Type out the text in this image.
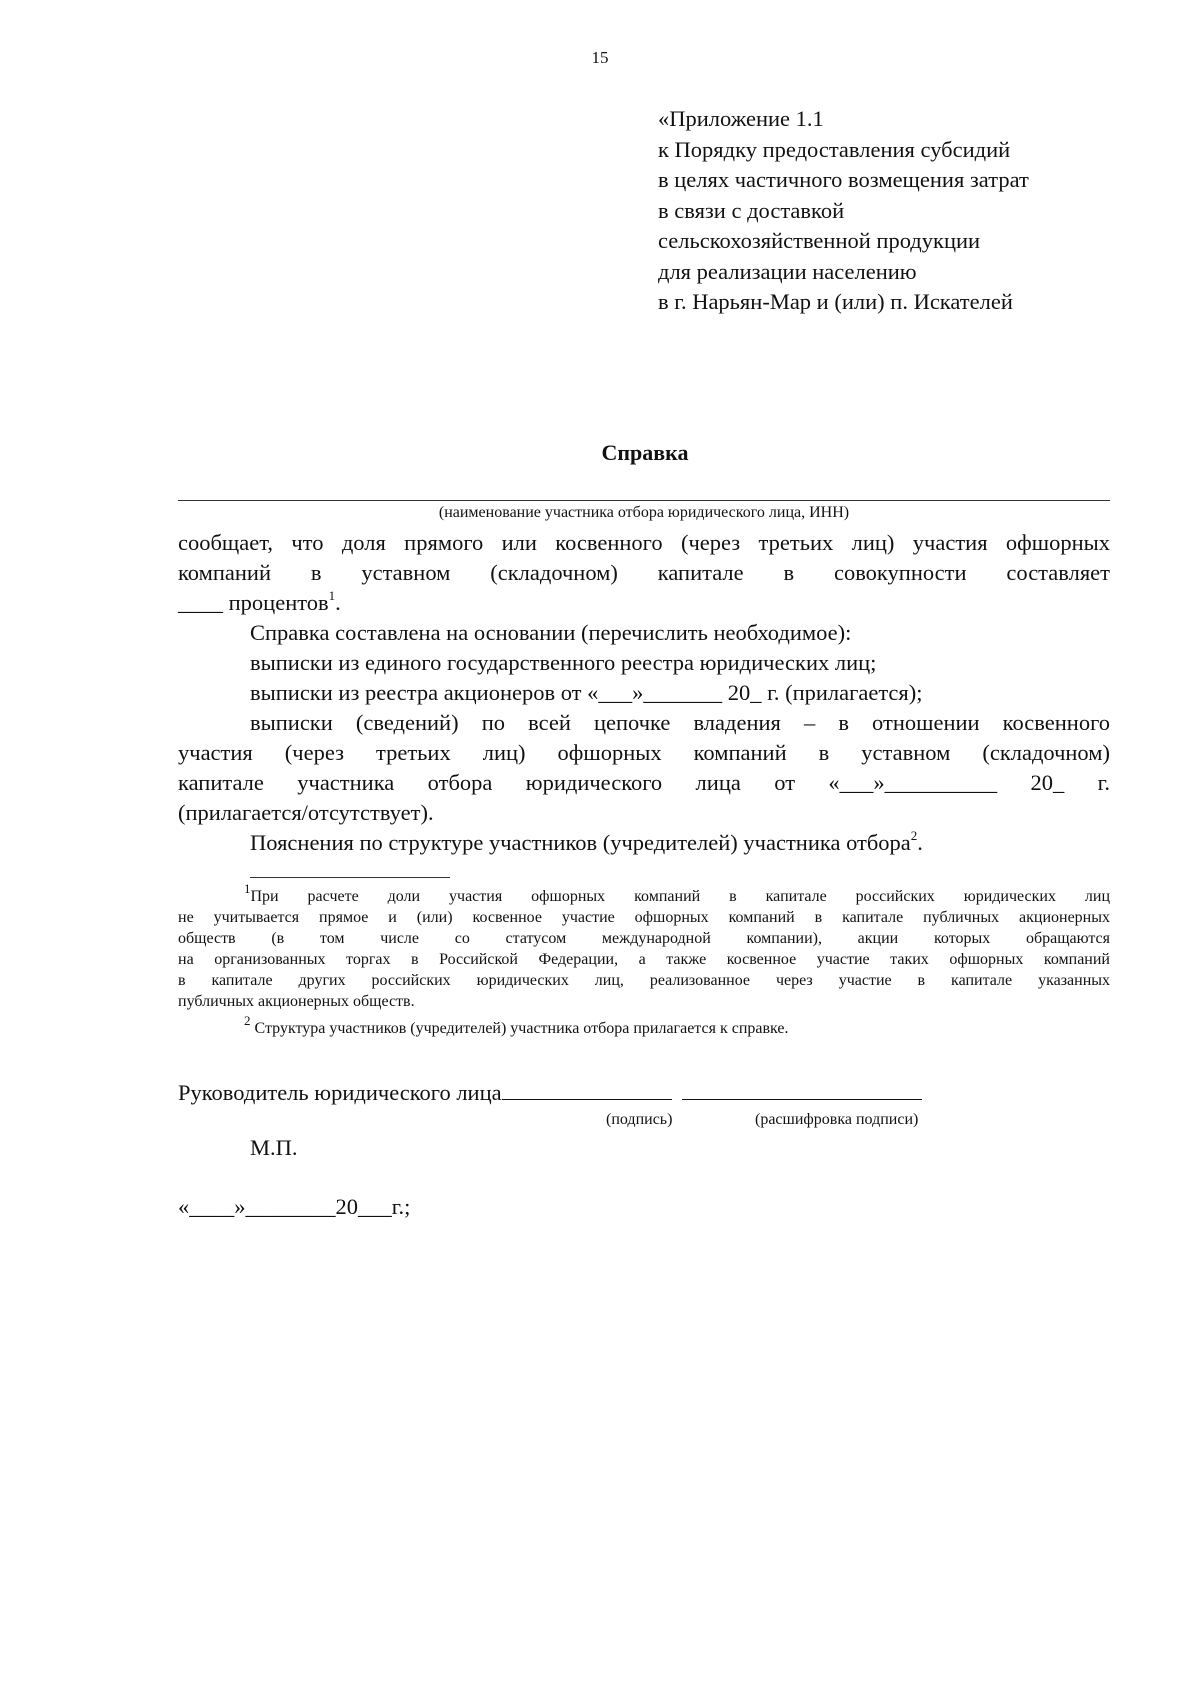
15
«Приложение 1.1
к Порядку предоставления субсидий
в целях частичного возмещения затрат
в связи с доставкой
сельскохозяйственной продукции
для реализации населению
в г. Нарьян-Мар и (или) п. Искателей
Справка
(наименование участника отбора юридического лица, ИНН)
сообщает, что доля прямого или косвенного (через третьих лиц) участия офшорных
компаний в уставном (складочном) капитале в совокупности составляет
____ процентов$^1$.
Справка составлена на основании (перечислить необходимое):
выписки из единого государственного реестра юридических лиц;
выписки из реестра акционеров от «___»_______ 20_ г. (прилагается);
выписки (сведений) по всей цепочке владения – в отношении косвенного
участия (через третьих лиц) офшорных компаний в уставном (складочном)
капитале участника отбора юридического лица от «___»__________ 20_ г.
(прилагается/отсутствует).
Пояснения по структуре участников (учредителей) участника отбора$^2$.
$^1$При расчете доли участия офшорных компаний в капитале российских юридических лиц
не учитывается прямое и (или) косвенное участие офшорных компаний в капитале публичных акционерных
обществ (в том числе со статусом международной компании), акции которых обращаются
на организованных торгах в Российской Федерации, а также косвенное участие таких офшорных компаний
в капитале других российских юридических лиц, реализованное через участие в капитале указанных
публичных акционерных обществ.
$^2$ Структура участников (учредителей) участника отбора прилагается к справке.
Руководитель юридического лица
(подпись)	(расшифровка подписи)
М.П.
«____»________20___г.;
